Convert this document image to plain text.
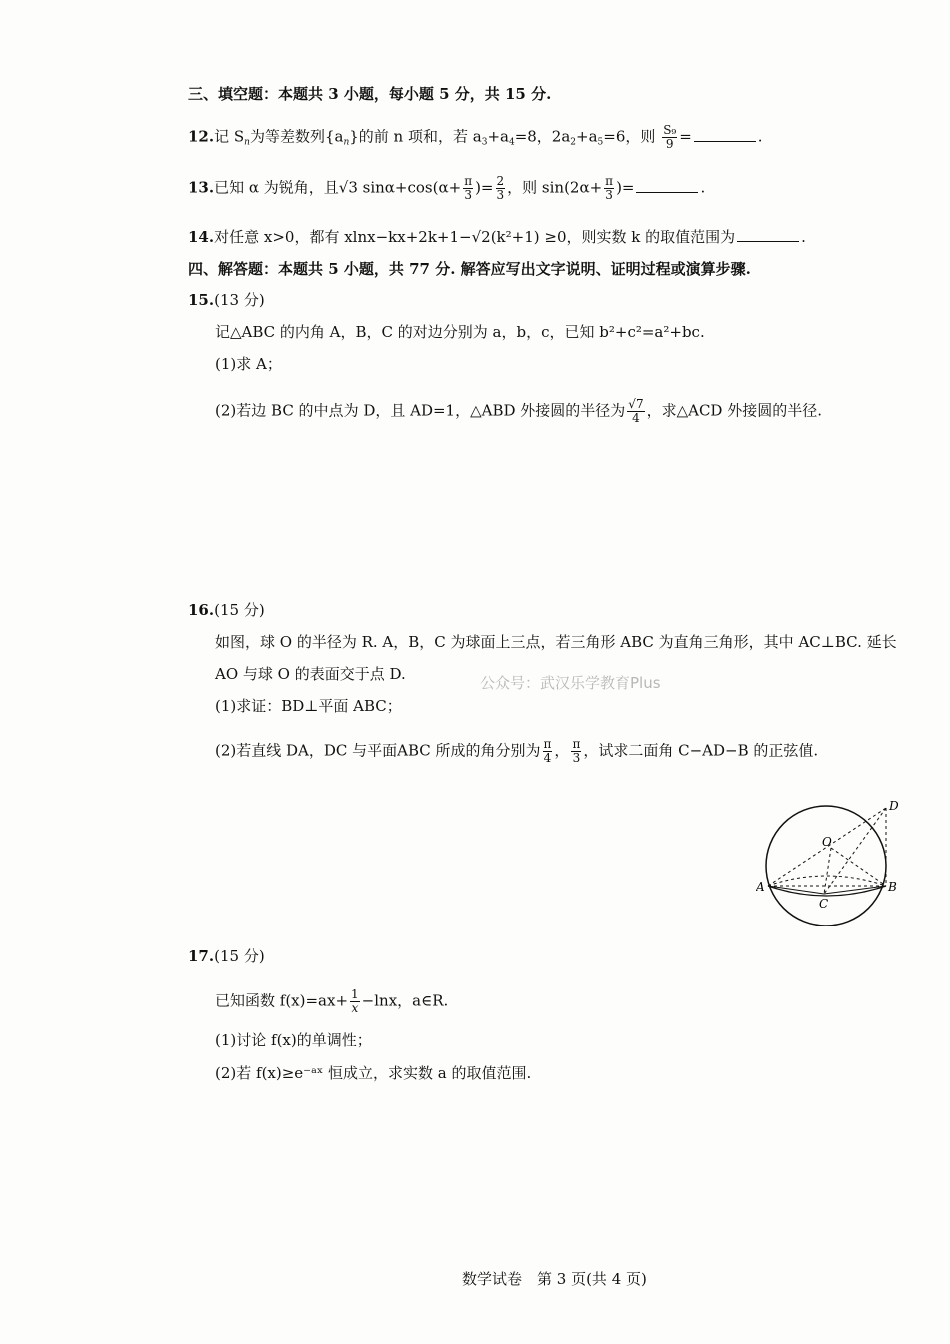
三、填空题：本题共 3 小题，每小题 5 分，共 15 分.
12.记 $S_n$为等差数列$\{a_n\}$的前 n 项和，若 $a_3+a_4=8$，$2a_2+a_5=6$，则 $\frac{\text{S₉}}{9}$ =	.
13.已知 α 为锐角，且√3 $\sin\alpha+\cos(\alpha+ \frac{\pi}{3}$ )= $\frac{2}{3}$ ，则 $\sin(2\alpha+ \frac{\pi}{3}$ )=	.
14.对任意 x>0，都有 xlnx−kx+2k+1−√2(k²+1) ≥0，则实数 k 的取值范围为	.
四、解答题：本题共 5 小题，共 77 分. 解答应写出文字说明、证明过程或演算步骤.
15.(13 分)
记△ABC 的内角 A，B，C 的对边分别为 a，b，c，已知 b²+c²=a²+bc.
(1)求 A；
(2)若边 BC 的中点为 D，且 AD=1，△ABD 外接圆的半径为 $\frac{√7}{4}$ ，求△ACD 外接圆的半径.
16.(15 分)
如图，球 O 的半径为 R. A，B，C 为球面上三点，若三角形 ABC 为直角三角形，其中 AC⊥BC. 延长
AO 与球 O 的表面交于点 D.	公众号：武汉乐学教育Plus
(1)求证：BD⊥平面 ABC；
(2)若直线 DA，DC 与平面ABC 所成的角分别为 $\frac{\pi}{4}$ ， $\frac{\pi}{3}$ ，试求二面角 C−AD−B 的正弦值.
D
O
A	B
C
17.(15 分)
已知函数 $f(x)=ax+ \frac{1}{x} -\ln x$，a∈R.
(1)讨论 f(x)的单调性；
(2)若 f(x)≥e⁻ᵃˣ 恒成立，求实数 a 的取值范围.
数学试卷　第 3 页(共 4 页)
